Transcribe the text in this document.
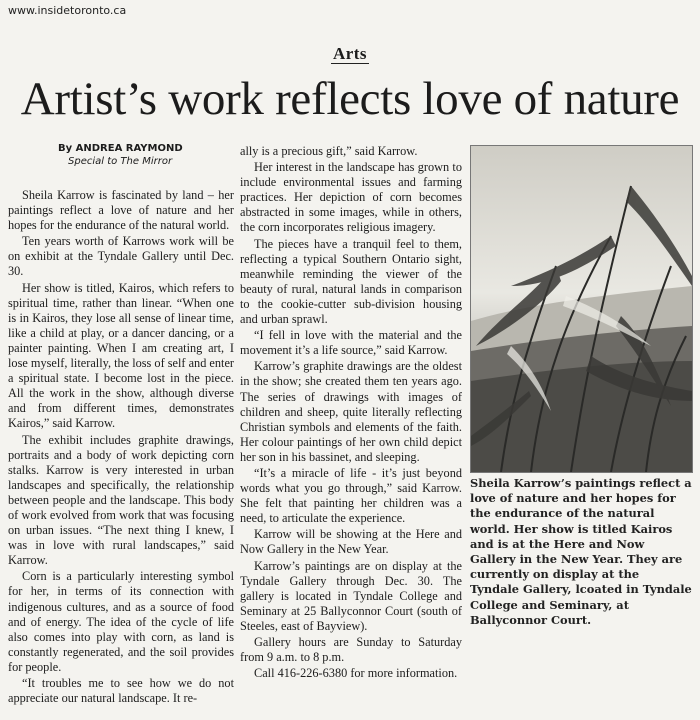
www.insidetoronto.ca
Arts
Artist’s work reflects love of nature
By ANDREA RAYMOND
Special to The Mirror

Sheila Karrow is fascinated by land – her paintings reflect a love of nature and her hopes for the endurance of the natural world.

Ten years worth of Karrows work will be on exhibit at the Tyndale Gallery until Dec. 30.

Her show is titled, Kairos, which refers to spiritual time, rather than linear. “When one is in Kairos, they lose all sense of linear time, like a child at play, or a dancer dancing, or a painter painting. When I am creating art, I lose myself, literally, the loss of self and enter a spiritual state. I become lost in the piece. All the work in the show, although diverse and from different times, demonstrates Kairos,” said Karrow.

The exhibit includes graphite drawings, portraits and a body of work depicting corn stalks. Karrow is very interested in urban landscapes and specifically, the relationship between people and the landscape. This body of work evolved from work that was focusing on urban issues. “The next thing I knew, I was in love with rural landscapes,” said Karrow.

Corn is a particularly interesting symbol for her, in terms of its connection with indigenous cultures, and as a source of food and of energy. The idea of the cycle of life also comes into play with corn, as land is constantly regenerated, and the soil provides for people.

“It troubles me to see how we do not appreciate our natural landscape. It re-

ally is a precious gift,” said Karrow.

Her interest in the landscape has grown to include environmental issues and farming practices. Her depiction of corn becomes abstracted in some images, while in others, the corn incorporates religious imagery.

The pieces have a tranquil feel to them, reflecting a typical Southern Ontario sight, meanwhile reminding the viewer of the beauty of rural, natural lands in comparison to the cookie-cutter sub-division housing and urban sprawl.

“I fell in love with the material and the movement it’s a life source,” said Karrow.

Karrow’s graphite drawings are the oldest in the show; she created them ten years ago. The series of drawings with images of children and sheep, quite literally reflecting Christian symbols and elements of the faith. Her colour paintings of her own child depict her son in his bassinet, and sleeping.

“It’s a miracle of life - it’s just beyond words what you go through,” said Karrow. She felt that painting her children was a need, to articulate the experience.

Karrow will be showing at the Here and Now Gallery in the New Year.

Karrow’s paintings are on display at the Tyndale Gallery through Dec. 30. The gallery is located in Tyndale College and Seminary at 25 Ballyconnor Court (south of Steeles, east of Bayview).

Gallery hours are Sunday to Saturday from 9 a.m. to 8 p.m.

Call 416-226-6380 for more information.

Sheila Karrow’s paintings reflect a love of nature and her hopes for the endurance of the natural world. Her show is titled Kairos and is at the Here and Now Gallery in the New Year. They are currently on display at the Tyndale Gallery, lcoated in Tyndale College and Seminary, at Ballyconnor Court.
